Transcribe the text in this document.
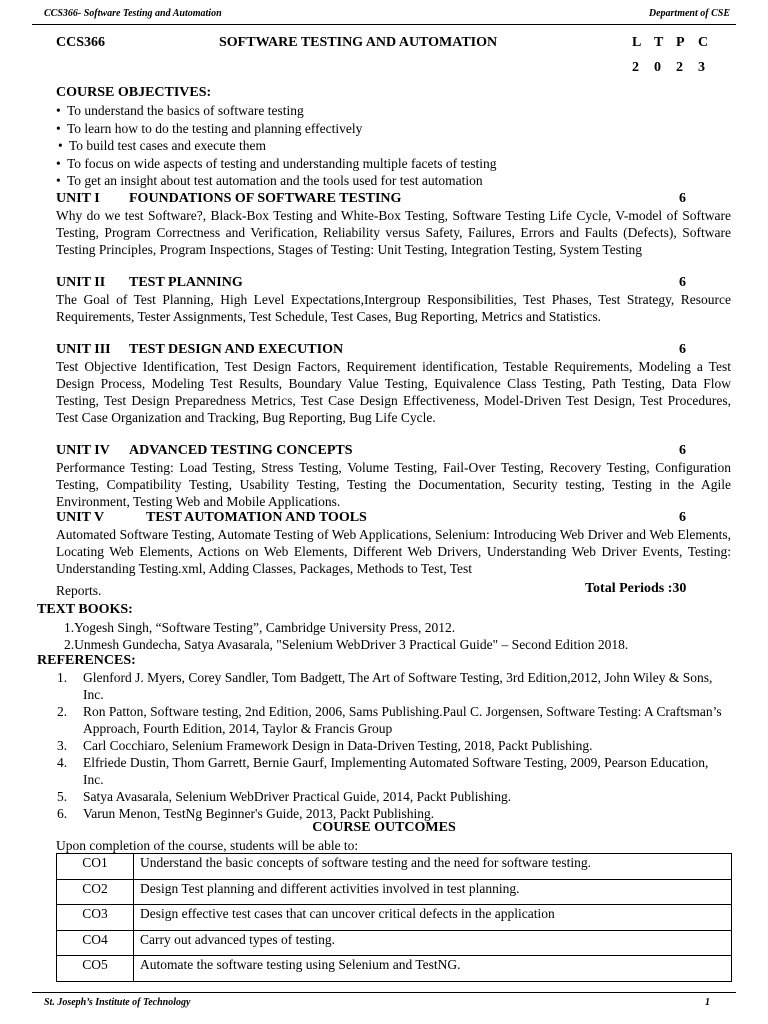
CCS366- Software Testing and Automation	Department of CSE
CCS366	SOFTWARE TESTING AND AUTOMATION	L T P C
2 0 2 3
COURSE OBJECTIVES:
• To understand the basics of software testing
• To learn how to do the testing and planning effectively
• To build test cases and execute them
• To focus on wide aspects of testing and understanding multiple facets of testing
• To get an insight about test automation and the tools used for test automation
UNIT I FOUNDATIONS OF SOFTWARE TESTING	6
Why do we test Software?, Black-Box Testing and White-Box Testing, Software Testing Life Cycle, V-model of Software Testing, Program Correctness and Verification, Reliability versus Safety, Failures, Errors and Faults (Defects), Software Testing Principles, Program Inspections, Stages of Testing: Unit Testing, Integration Testing, System Testing
UNIT II TEST PLANNING	6
The Goal of Test Planning, High Level Expectations,Intergroup Responsibilities, Test Phases, Test Strategy, Resource Requirements, Tester Assignments, Test Schedule, Test Cases, Bug Reporting, Metrics and Statistics.
UNIT III TEST DESIGN AND EXECUTION	6
Test Objective Identification, Test Design Factors, Requirement identification, Testable Requirements, Modeling a Test Design Process, Modeling Test Results, Boundary Value Testing, Equivalence Class Testing, Path Testing, Data Flow Testing, Test Design Preparedness Metrics, Test Case Design Effectiveness, Model-Driven Test Design, Test Procedures, Test Case Organization and Tracking, Bug Reporting, Bug Life Cycle.
UNIT IV ADVANCED TESTING CONCEPTS	6
Performance Testing: Load Testing, Stress Testing, Volume Testing, Fail-Over Testing, Recovery Testing, Configuration Testing, Compatibility Testing, Usability Testing, Testing the Documentation, Security testing, Testing in the Agile Environment, Testing Web and Mobile Applications.
UNIT V	TEST AUTOMATION AND TOOLS	6
Automated Software Testing, Automate Testing of Web Applications, Selenium: Introducing Web Driver and Web Elements, Locating Web Elements, Actions on Web Elements, Different Web Drivers, Understanding Web Driver Events, Testing: Understanding Testing.xml, Adding Classes, Packages, Methods to Test, Test
Reports.	Total Periods :30
TEXT BOOKS:
1.Yogesh Singh, “Software Testing”, Cambridge University Press, 2012.
2.Unmesh Gundecha, Satya Avasarala, "Selenium WebDriver 3 Practical Guide" – Second Edition 2018.
REFERENCES:
1. Glenford J. Myers, Corey Sandler, Tom Badgett, The Art of Software Testing, 3rd Edition,2012, John Wiley & Sons, Inc.
2. Ron Patton, Software testing, 2nd Edition, 2006, Sams Publishing.Paul C. Jorgensen, Software Testing: A Craftsman’s Approach, Fourth Edition, 2014, Taylor & Francis Group
3. Carl Cocchiaro, Selenium Framework Design in Data-Driven Testing, 2018, Packt Publishing.
4. Elfriede Dustin, Thom Garrett, Bernie Gaurf, Implementing Automated Software Testing, 2009, Pearson Education, Inc.
5. Satya Avasarala, Selenium WebDriver Practical Guide, 2014, Packt Publishing.
6. Varun Menon, TestNg Beginner's Guide, 2013, Packt Publishing.
COURSE OUTCOMES
Upon completion of the course, students will be able to:
CO1	Understand the basic concepts of software testing and the need for software testing.
CO2	Design Test planning and different activities involved in test planning.
CO3	Design effective test cases that can uncover critical defects in the application
CO4	Carry out advanced types of testing.
CO5	Automate the software testing using Selenium and TestNG.
St. Joseph’s Institute of Technology	1
